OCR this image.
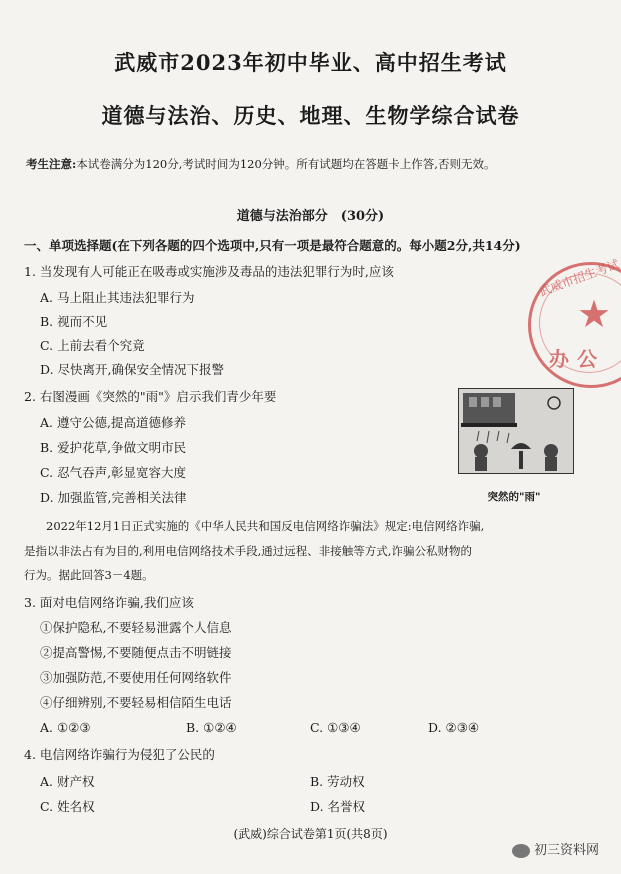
武威市2023年初中毕业、高中招生考试
道德与法治、历史、地理、生物学综合试卷
考生注意:本试卷满分为120分,考试时间为120分钟。所有试题均在答题卡上作答,否则无效。
道德与法治部分　(30分)
一、单项选择题(在下列各题的四个选项中,只有一项是最符合题意的。每小题2分,共14分)
1. 当发现有人可能正在吸毒或实施涉及毒品的违法犯罪行为时,应该
A. 马上阻止其违法犯罪行为
B. 视而不见
C. 上前去看个究竟
D. 尽快离开,确保安全情况下报警
2. 右图漫画《突然的"雨"》启示我们青少年要
A. 遵守公德,提高道德修养
B. 爱护花草,争做文明市民
C. 忍气吞声,彰显宽容大度
D. 加强监管,完善相关法律	突然的"雨"
2022年12月1日正式实施的《中华人民共和国反电信网络诈骗法》规定:电信网络诈骗,
是指以非法占有为目的,利用电信网络技术手段,通过远程、非接触等方式,诈骗公私财物的
行为。据此回答3－4题。
3. 面对电信网络诈骗,我们应该
①保护隐私,不要轻易泄露个人信息
②提高警惕,不要随便点击不明链接
③加强防范,不要使用任何网络软件
④仔细辨别,不要轻易相信陌生电话
A. ①②③	B. ①②④	C. ①③④	D. ②③④
4. 电信网络诈骗行为侵犯了公民的
A. 财产权	B. 劳动权
C. 姓名权	D. 名誉权
武威市招生考试
★
办公
(武威)综合试卷第1页(共8页)
初三资料网
